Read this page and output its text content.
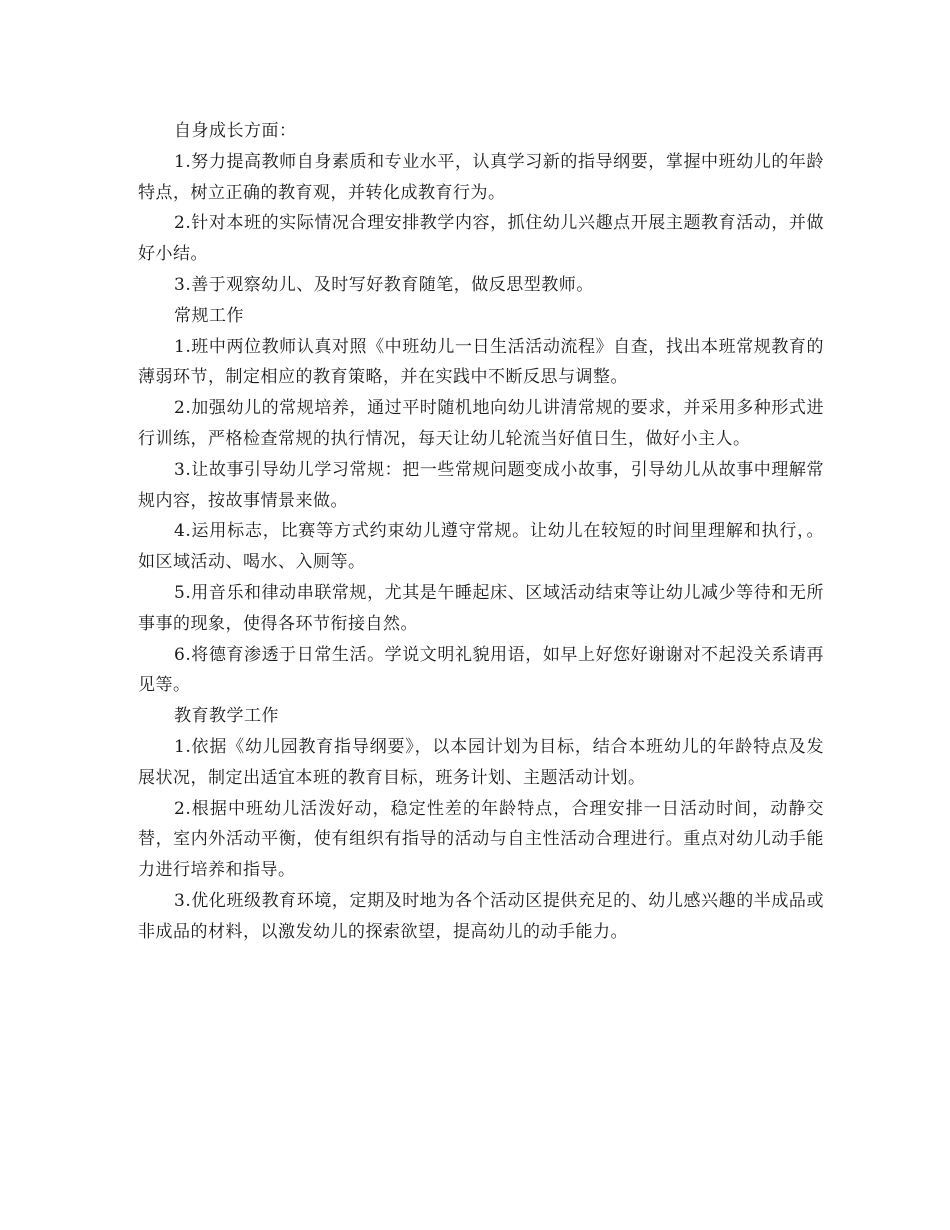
自身成长方面：

1.努力提高教师自身素质和专业水平，认真学习新的指导纲要，掌握中班幼儿的年龄特点，树立正确的教育观，并转化成教育行为。

2.针对本班的实际情况合理安排教学内容，抓住幼儿兴趣点开展主题教育活动，并做好小结。

3.善于观察幼儿、及时写好教育随笔，做反思型教师。

常规工作

1.班中两位教师认真对照《中班幼儿一日生活活动流程》自查，找出本班常规教育的薄弱环节，制定相应的教育策略，并在实践中不断反思与调整。

2.加强幼儿的常规培养，通过平时随机地向幼儿讲清常规的要求，并采用多种形式进行训练，严格检查常规的执行情况，每天让幼儿轮流当好值日生，做好小主人。

3.让故事引导幼儿学习常规：把一些常规问题变成小故事，引导幼儿从故事中理解常规内容，按故事情景来做。

4.运用标志，比赛等方式约束幼儿遵守常规。让幼儿在较短的时间里理解和执行，。如区域活动、喝水、入厕等。

5.用音乐和律动串联常规，尤其是午睡起床、区域活动结束等让幼儿减少等待和无所事事的现象，使得各环节衔接自然。

6.将德育渗透于日常生活。学说文明礼貌用语，如早上好您好谢谢对不起没关系请再见等。

教育教学工作

1.依据《幼儿园教育指导纲要》，以本园计划为目标，结合本班幼儿的年龄特点及发展状况，制定出适宜本班的教育目标，班务计划、主题活动计划。

2.根据中班幼儿活泼好动，稳定性差的年龄特点，合理安排一日活动时间，动静交替，室内外活动平衡，使有组织有指导的活动与自主性活动合理进行。重点对幼儿动手能力进行培养和指导。

3.优化班级教育环境，定期及时地为各个活动区提供充足的、幼儿感兴趣的半成品或非成品的材料，以激发幼儿的探索欲望，提高幼儿的动手能力。
